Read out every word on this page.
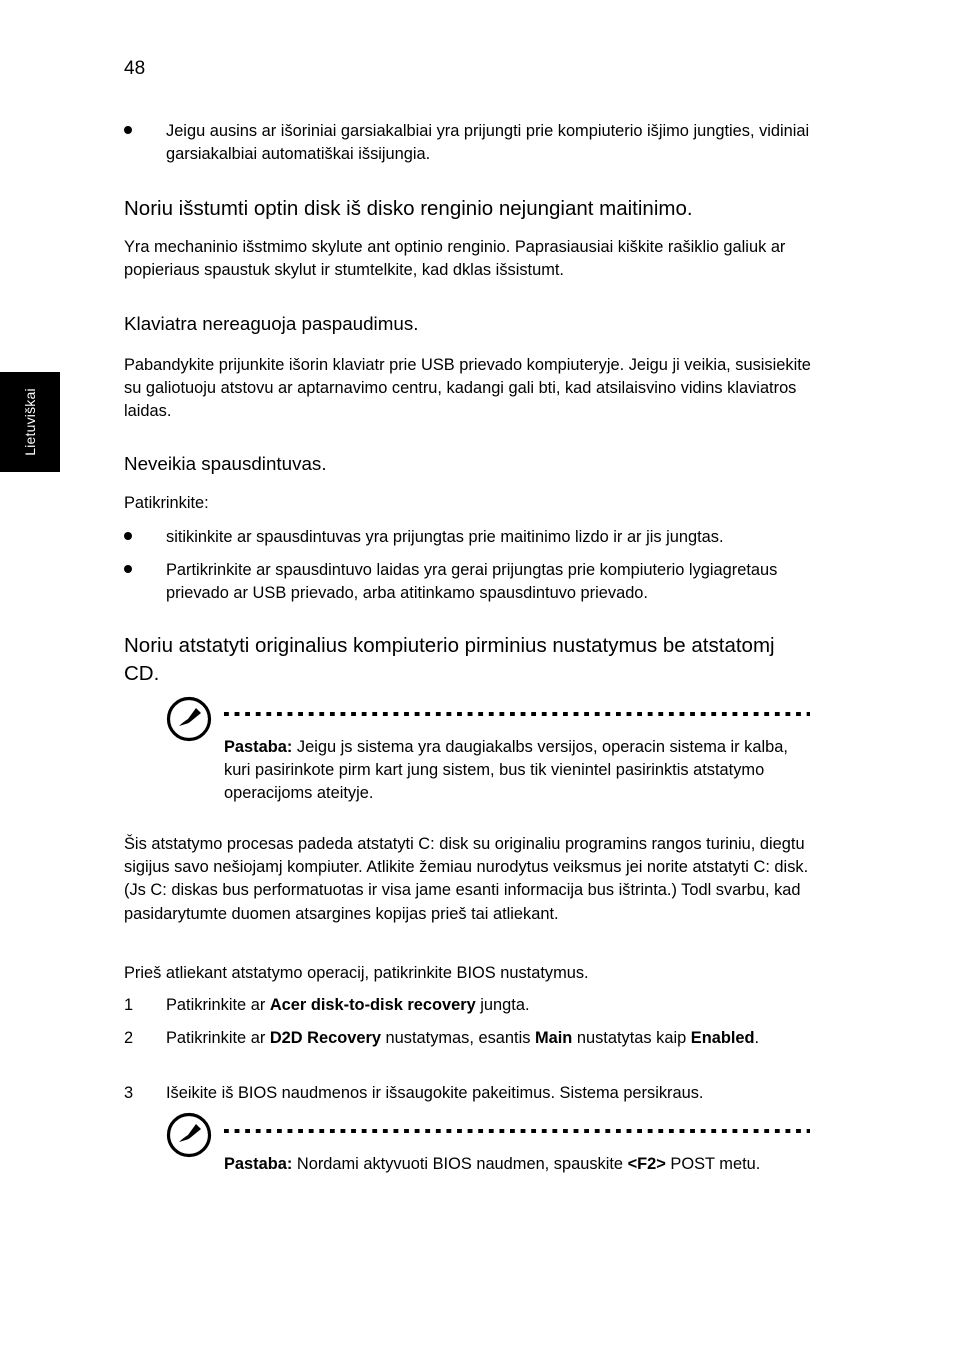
48
Lietuviškai
Jeigu ausins ar išoriniai garsiakalbiai yra prijungti prie kompiuterio išjimo jungties, vidiniai garsiakalbiai automatiškai išsijungia.
Noriu išstumti optin disk iš disko renginio nejungiant maitinimo.
Yra mechaninio išstmimo skylute ant optinio renginio. Paprasiausiai kiškite rašiklio galiuk ar popieriaus spaustuk skylut ir stumtelkite, kad dklas išsistumt.
Klaviatra nereaguoja paspaudimus.
Pabandykite prijunkite išorin klaviatr prie USB prievado kompiuteryje. Jeigu ji veikia, susisiekite su galiotuoju atstovu ar aptarnavimo centru, kadangi gali bti, kad atsilaisvino vidins klaviatros laidas.
Neveikia spausdintuvas.
Patikrinkite:
sitikinkite ar spausdintuvas yra prijungtas prie maitinimo lizdo ir ar jis jungtas.
Partikrinkite ar spausdintuvo laidas yra gerai prijungtas prie kompiuterio lygiagretaus prievado ar USB prievado, arba atitinkamo spausdintuvo prievado.
Noriu atstatyti originalius kompiuterio pirminius nustatymus be atstatomj CD.
Pastaba: Jeigu js sistema yra daugiakalbs versijos, operacin sistema ir kalba, kuri pasirinkote pirm kart jung sistem, bus tik vienintel pasirinktis atstatymo operacijoms ateityje.
Šis atstatymo procesas padeda atstatyti C: disk su originaliu programins rangos turiniu, diegtu sigijus savo nešiojamj kompiuter. Atlikite žemiau nurodytus veiksmus jei norite atstatyti C: disk. (Js C: diskas bus performatuotas ir visa jame esanti informacija bus ištrinta.) Todl svarbu, kad pasidarytumte duomen atsargines kopijas prieš tai atliekant.
Prieš atliekant atstatymo operacij, patikrinkite BIOS nustatymus.
1 Patikrinkite ar Acer disk-to-disk recovery jungta.
2 Patikrinkite ar D2D Recovery nustatymas, esantis Main nustatytas kaip Enabled.
3 Išeikite iš BIOS naudmenos ir išsaugokite pakeitimus. Sistema persikraus.
Pastaba: Nordami aktyvuoti BIOS naudmen, spauskite <F2> POST metu.
